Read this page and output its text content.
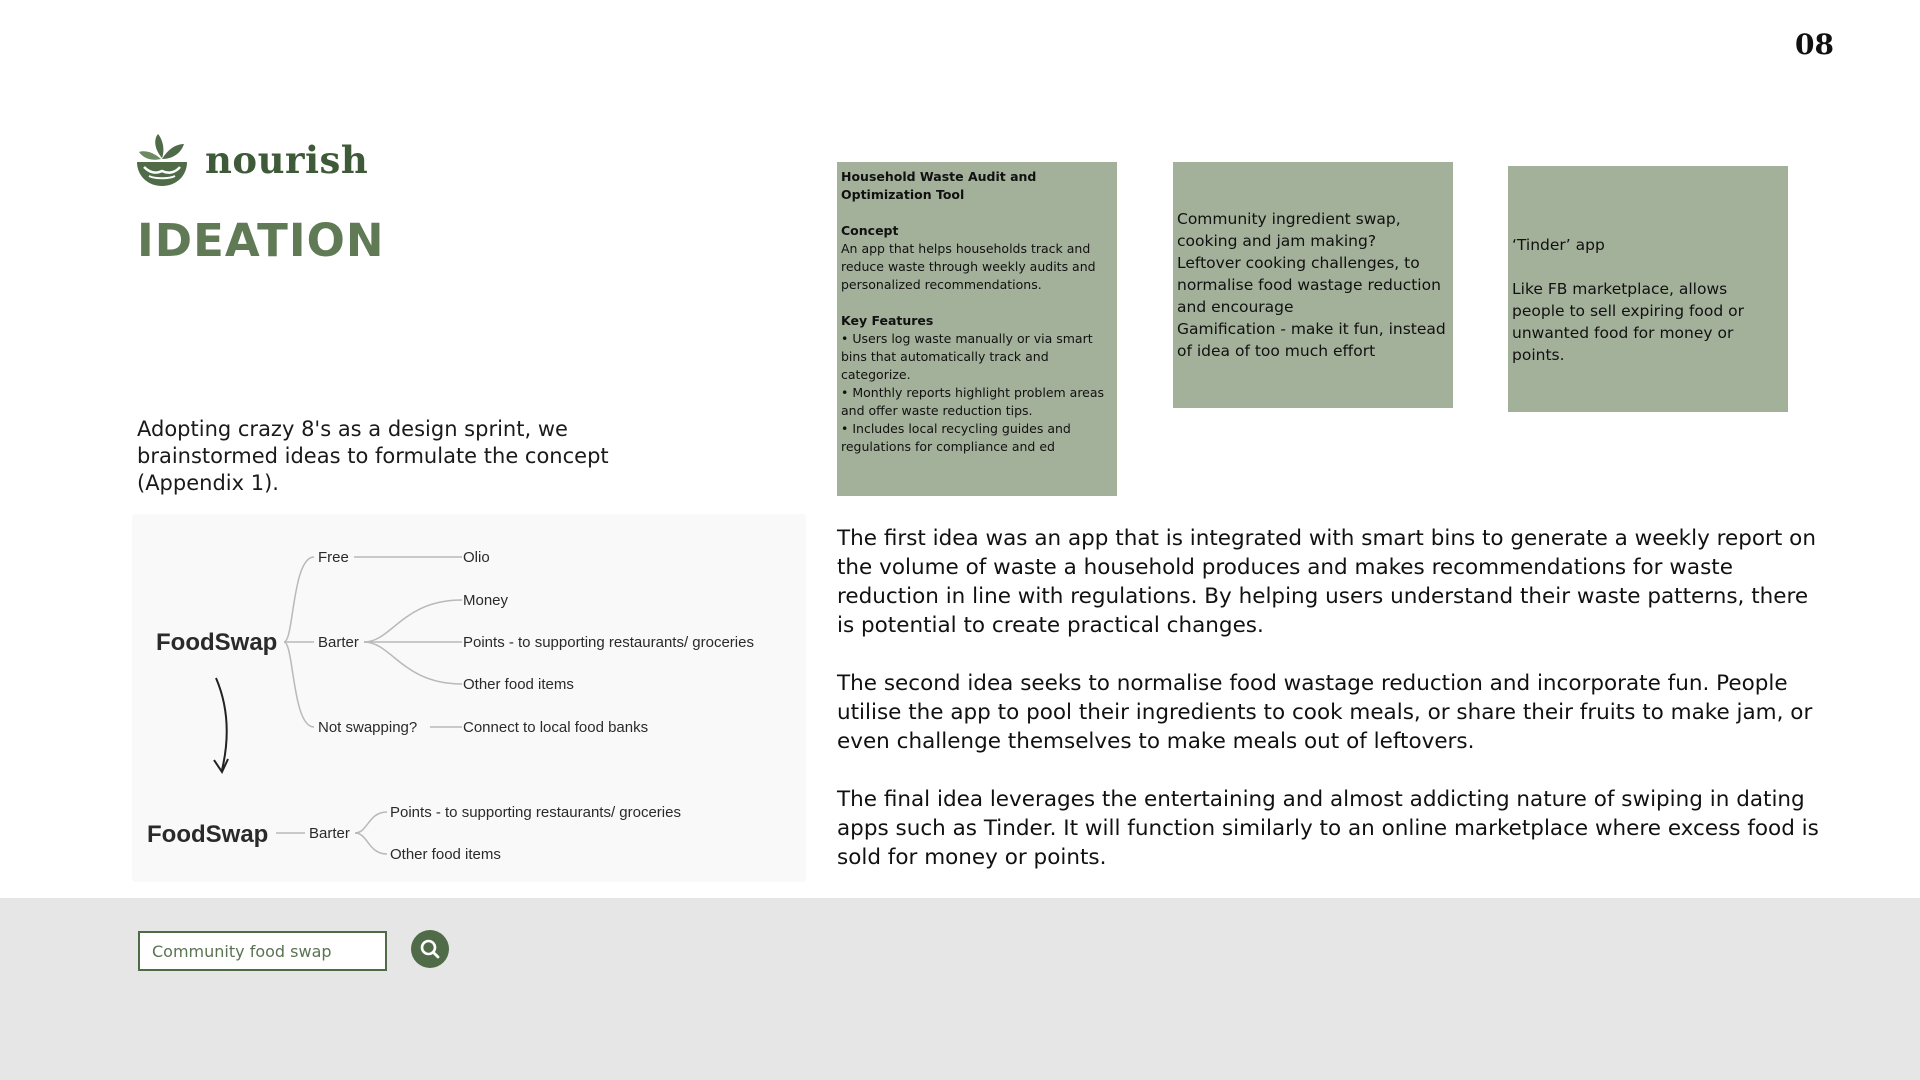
08
nourish
IDEATION

Adopting crazy 8's as a design sprint, we brainstormed ideas to formulate the concept (Appendix 1).

FoodSwap
Free
Barter
Not swapping?
Olio
Money
Points - to supporting restaurants/ groceries
Other food items
Connect to local food banks
FoodSwap	Barter
Points - to supporting restaurants/ groceries
Other food items

Household Waste Audit and Optimization Tool

Concept

An app that helps households track and reduce waste through weekly audits and personalized recommendations.

Key Features

• Users log waste manually or via smart bins that automatically track and categorize.

• Monthly reports highlight problem areas and offer waste reduction tips.

• Includes local recycling guides and regulations for compliance and ed

Community ingredient swap, cooking and jam making?

Leftover cooking challenges, to normalise food wastage reduction and encourage

Gamification - make it fun, instead of idea of too much effort

‘Tinder’ app

Like FB marketplace, allows people to sell expiring food or unwanted food for money or points.

The first idea was an app that is integrated with smart bins to generate a weekly report on the volume of waste a household produces and makes recommendations for waste reduction in line with regulations. By helping users understand their waste patterns, there is potential to create practical changes.

The second idea seeks to normalise food wastage reduction and incorporate fun. People utilise the app to pool their ingredients to cook meals, or share their fruits to make jam, or even challenge themselves to make meals out of leftovers.

The final idea leverages the entertaining and almost addicting nature of swiping in dating apps such as Tinder. It will function similarly to an online marketplace where excess food is sold for money or points.

Community food swap
